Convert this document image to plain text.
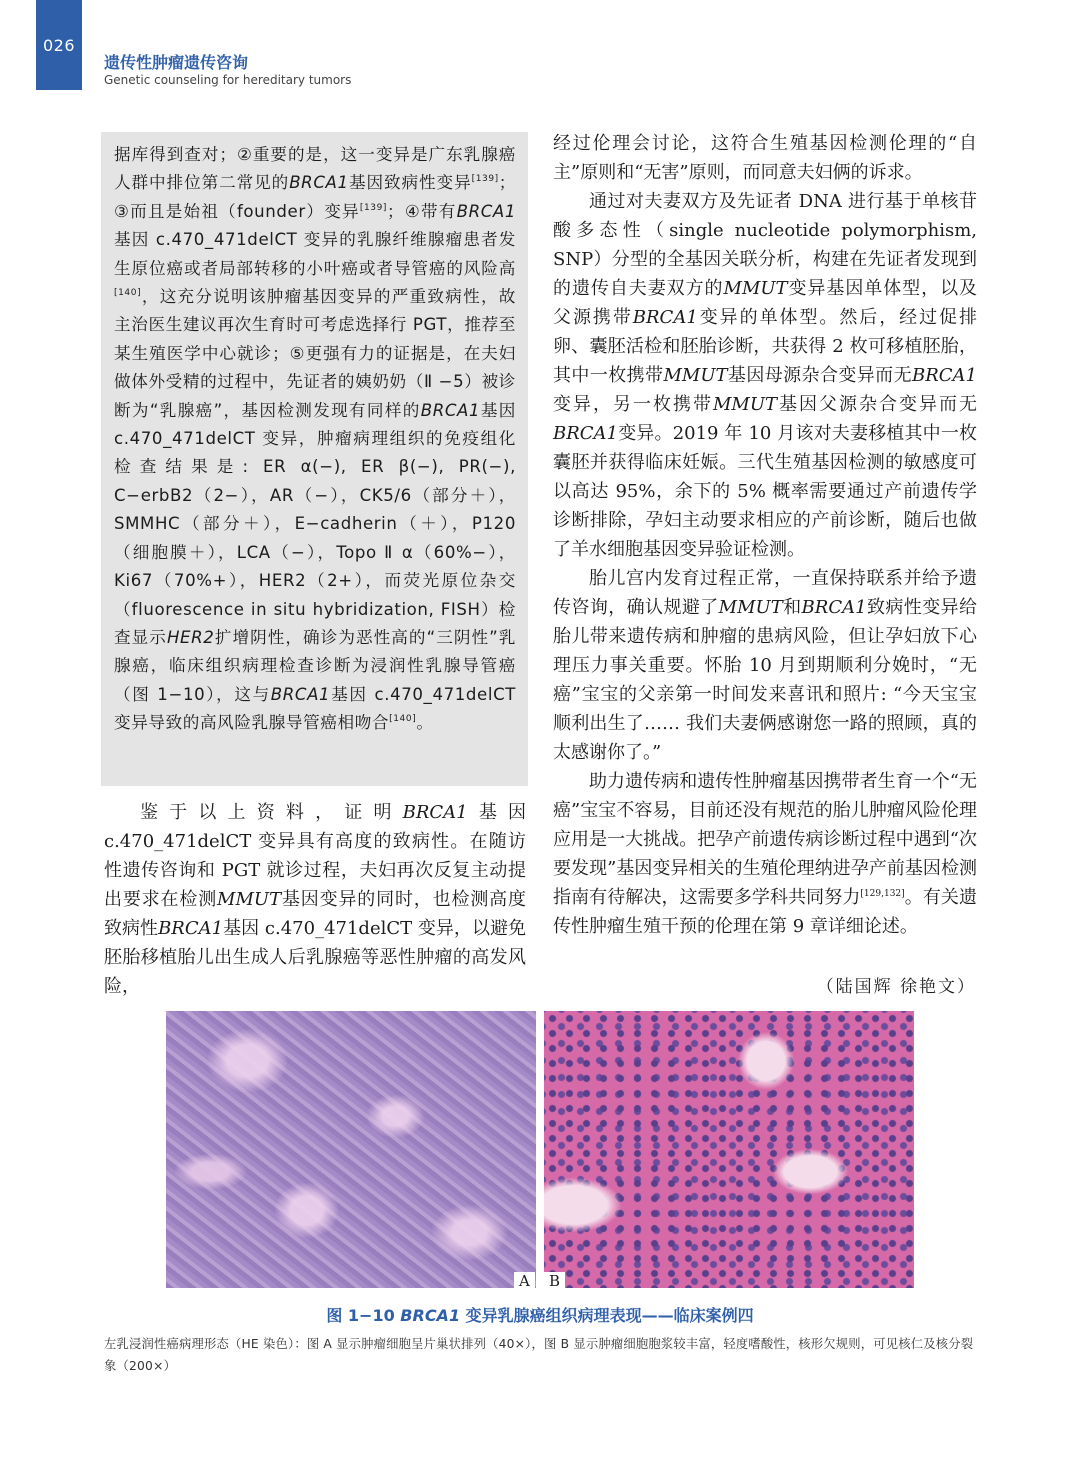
026
遗传性肿瘤遗传咨询
Genetic counseling for hereditary tumors

据库得到查对；②重要的是，这一变异是广东乳腺癌人群中排位第二常见的BRCA1基因致病性变异[139]；③而且是始祖（founder）变异[139]；④带有BRCA1基因 c.470_471delCT 变异的乳腺纤维腺瘤患者发生原位癌或者局部转移的小叶癌或者导管癌的风险高[140]，这充分说明该肿瘤基因变异的严重致病性，故主治医生建议再次生育时可考虑选择行 PGT，推荐至某生殖医学中心就诊；⑤更强有力的证据是，在夫妇做体外受精的过程中，先证者的姨奶奶（Ⅱ −5）被诊断为“乳腺癌”，基因检测发现有同样的BRCA1基因 c.470_471delCT 变异，肿瘤病理组织的免疫组化检查结果是: ER α(−), ER β(−), PR(−), C−erbB2（2−），AR（−），CK5/6（部分＋），SMMHC（部分＋），E−cadherin（＋），P120（细胞膜＋），LCA（−），Topo Ⅱ α（60%−），Ki67（70%+），HER2（2+），而荧光原位杂交（fluorescence in situ hybridization, FISH）检查显示HER2扩增阴性，确诊为恶性高的“三阴性”乳腺癌，临床组织病理检查诊断为浸润性乳腺导管癌（图 1−10），这与BRCA1基因 c.470_471delCT 变异导致的高风险乳腺导管癌相吻合[140]。

鉴于以上资料，证明BRCA1基因 c.470_471delCT 变异具有高度的致病性。在随访性遗传咨询和 PGT 就诊过程，夫妇再次反复主动提出要求在检测MMUT基因变异的同时，也检测高度致病性BRCA1基因 c.470_471delCT 变异，以避免胚胎移植胎儿出生成人后乳腺癌等恶性肿瘤的高发风险，

经过伦理会讨论，这符合生殖基因检测伦理的“自主”原则和“无害”原则，而同意夫妇俩的诉求。

通过对夫妻双方及先证者 DNA 进行基于单核苷酸多态性（single nucleotide polymorphism, SNP）分型的全基因关联分析，构建在先证者发现到的遗传自夫妻双方的MMUT变异基因单体型，以及父源携带BRCA1变异的单体型。然后，经过促排卵、囊胚活检和胚胎诊断，共获得 2 枚可移植胚胎，其中一枚携带MMUT基因母源杂合变异而无BRCA1变异，另一枚携带MMUT基因父源杂合变异而无BRCA1变异。2019 年 10 月该对夫妻移植其中一枚囊胚并获得临床妊娠。三代生殖基因检测的敏感度可以高达 95%，余下的 5% 概率需要通过产前遗传学诊断排除，孕妇主动要求相应的产前诊断，随后也做了羊水细胞基因变异验证检测。

胎儿宫内发育过程正常，一直保持联系并给予遗传咨询，确认规避了MMUT和BRCA1致病性变异给胎儿带来遗传病和肿瘤的患病风险，但让孕妇放下心理压力事关重要。怀胎 10 月到期顺利分娩时，“无癌”宝宝的父亲第一时间发来喜讯和照片: “今天宝宝顺利出生了…… 我们夫妻俩感谢您一路的照顾，真的太感谢你了。”

助力遗传病和遗传性肿瘤基因携带者生育一个“无癌”宝宝不容易，目前还没有规范的胎儿肿瘤风险伦理应用是一大挑战。把孕产前遗传病诊断过程中遇到“次要发现”基因变异相关的生殖伦理纳进孕产前基因检测指南有待解决，这需要多学科共同努力[129,132]。有关遗传性肿瘤生殖干预的伦理在第 9 章详细论述。

（陆国辉 徐艳文）
A	B
图 1−10 BRCA1 变异乳腺癌组织病理表现——临床案例四
左乳浸润性癌病理形态（HE 染色）：图 A 显示肿瘤细胞呈片巢状排列（40×），图 B 显示肿瘤细胞胞浆较丰富，轻度嗜酸性，核形欠规则，可见核仁及核分裂象（200×）
